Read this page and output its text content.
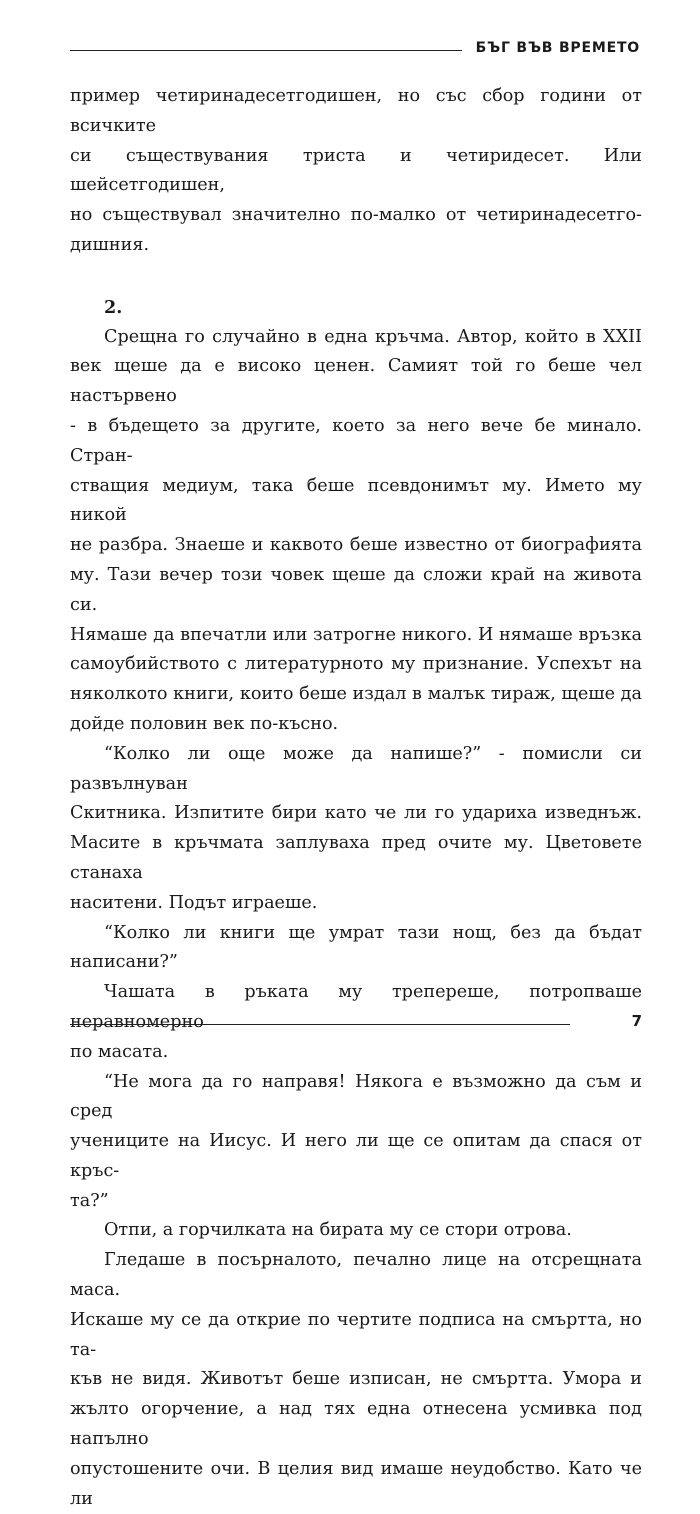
БЪГ ВЪВ ВРЕМЕТО

пример четиринадесетгодишен, но със сбор години от всичките

си съществувания триста и четиридесет. Или шейсетгодишен,

но съществувал значително по-малко от четиринадесетго-

дишния.

2.

Срещна го случайно в една кръчма. Автор, който в XXII

век щеше да е високо ценен. Самият той го беше чел настървено

- в бъдещето за другите, което за него вече бе минало. Стран-

стващия медиум, така беше псевдонимът му. Името му никой

не разбра. Знаеше и каквото беше известно от биографията

му. Тази вечер този човек щеше да сложи край на живота си.

Нямаше да впечатли или затрогне никого. И нямаше връзка

самоубийството с литературното му признание. Успехът на

няколкото книги, които беше издал в малък тираж, щеше да

дойде половин век по-късно.

“Колко ли още може да напише?” - помисли си развълнуван

Скитника. Изпитите бири като че ли го удариха изведнъж.

Масите в кръчмата заплуваха пред очите му. Цветовете станаха

наситени. Подът играеше.

“Колко ли книги ще умрат тази нощ, без да бъдат написани?”

Чашата в ръката му трепереше, потропваше неравномерно

по масата.

“Не мога да го направя! Някога е възможно да съм и сред

учениците на Иисус. И него ли ще се опитам да спася от кръс-

та?”

Отпи, а горчилката на бирата му се стори отрова.

Гледаше в посърналото, печално лице на отсрещната маса.

Искаше му се да открие по чертите подписа на смъртта, но та-

къв не видя. Животът беше изписан, не смъртта. Умора и

жълто огорчение, а над тях една отнесена усмивка под напълно

опустошените очи. В целия вид имаше неудобство. Като че ли

7
